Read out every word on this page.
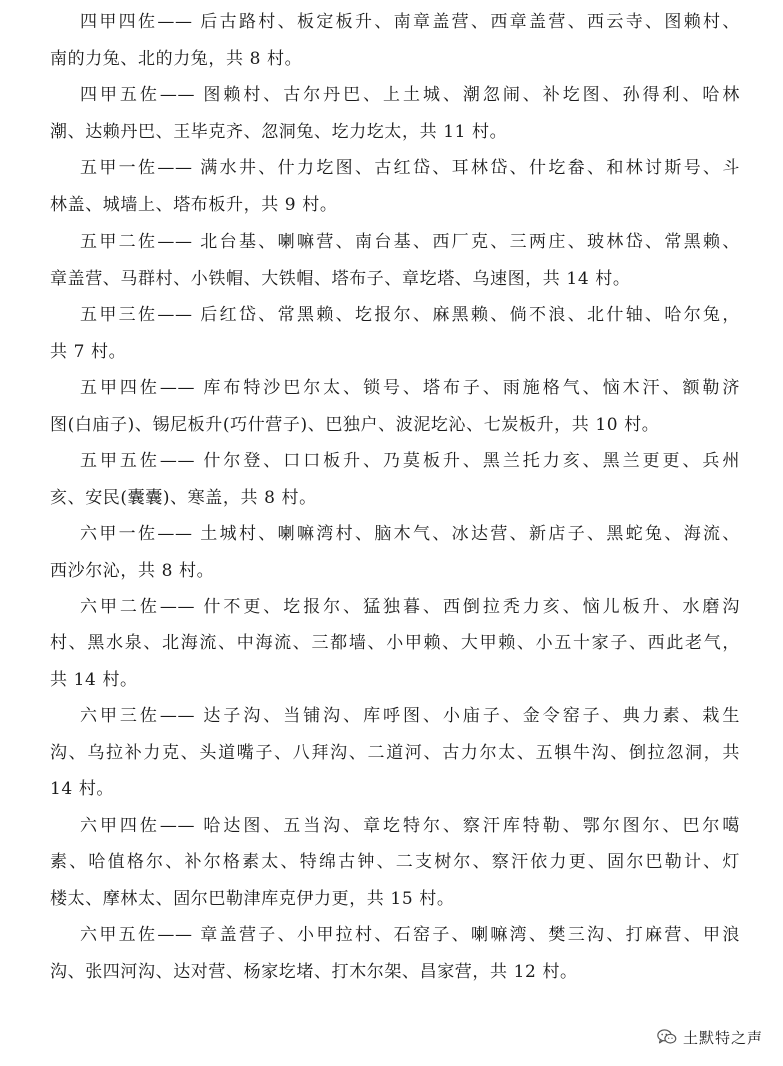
四甲四佐—— 后古路村、板定板升、南章盖营、西章盖营、西云寺、图赖村、
南的力兔、北的力兔，共 8 村。
四甲五佐—— 图赖村、古尔丹巴、上土城、潮忽闹、补圪图、孙得利、哈林
潮、达赖丹巴、王毕克齐、忽洞兔、圪力圪太，共 11 村。
五甲一佐—— 满水井、什力圪图、古红岱、耳林岱、什圪畚、和林讨斯号、斗
林盖、城墙上、塔布板升，共 9 村。
五甲二佐—— 北台基、喇嘛营、南台基、西厂克、三两庄、玻林岱、常黑赖、
章盖营、马群村、小铁帽、大铁帽、塔布子、章圪塔、乌速图，共 14 村。
五甲三佐—— 后红岱、常黑赖、圪报尔、麻黑赖、倘不浪、北什轴、哈尔兔，
共 7 村。
五甲四佐—— 库布特沙巴尔太、锁号、塔布子、雨施格气、恼木汗、额勒济
图(白庙子)、锡尼板升(巧什营子)、巴独户、波泥圪沁、七炭板升，共 10 村。
五甲五佐—— 什尔登、口口板升、乃莫板升、黑兰托力亥、黑兰更更、兵州
亥、安民(囊囊)、寒盖，共 8 村。
六甲一佐—— 土城村、喇嘛湾村、脑木气、冰达营、新店子、黑蛇兔、海流、
西沙尔沁，共 8 村。
六甲二佐—— 什不更、圪报尔、猛独暮、西倒拉秃力亥、恼儿板升、水磨沟
村、黑水泉、北海流、中海流、三都墙、小甲赖、大甲赖、小五十家子、西此老气，
共 14 村。
六甲三佐—— 达子沟、当铺沟、库呼图、小庙子、金令窑子、典力素、栽生
沟、乌拉补力克、头道嘴子、八拜沟、二道河、古力尔太、五犋牛沟、倒拉忽洞，共
14 村。
六甲四佐—— 哈达图、五当沟、章圪特尔、察汗库特勒、鄂尔图尔、巴尔噶
素、哈值格尔、补尔格素太、特绵古钟、二支树尔、察汗依力更、固尔巴勒计、灯
楼太、摩林太、固尔巴勒津库克伊力更，共 15 村。
六甲五佐—— 章盖营子、小甲拉村、石窑子、喇嘛湾、樊三沟、打麻营、甲浪
沟、张四河沟、达对营、杨家圪堵、打木尔架、昌家营，共 12 村。
土默特之声
